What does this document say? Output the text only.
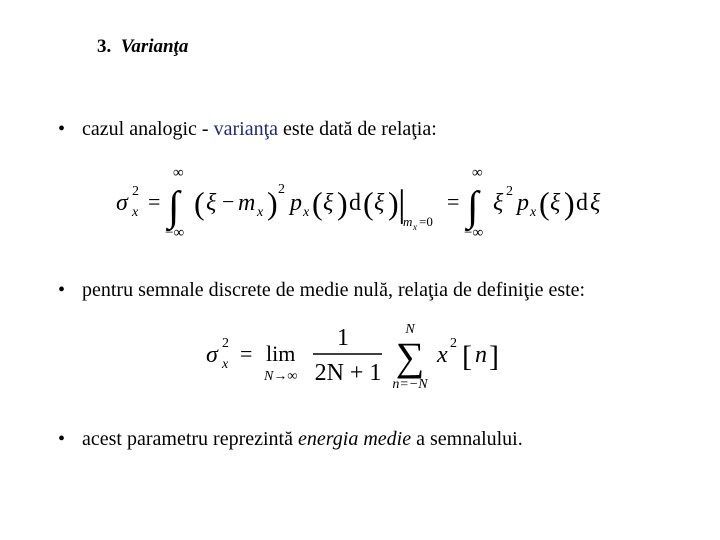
3. Varianţa
• cazul analogic - varianţa este dată de relaţia:
σ 2
x =
∞
∫
−∞
( ξ − m x ) 2
p x ( ξ ) d ( ξ ) |
m x =0
=
∞
∫
−∞
ξ 2 p x ( ξ ) d ξ
• pentru semnale discrete de medie nulă, relaţia de definiţie este:
σ 2
x = lim
N→∞
1
2N + 1
N
∑
n=−N
x 2 [ n ]
• acest parametru reprezintă energia medie a semnalului.
